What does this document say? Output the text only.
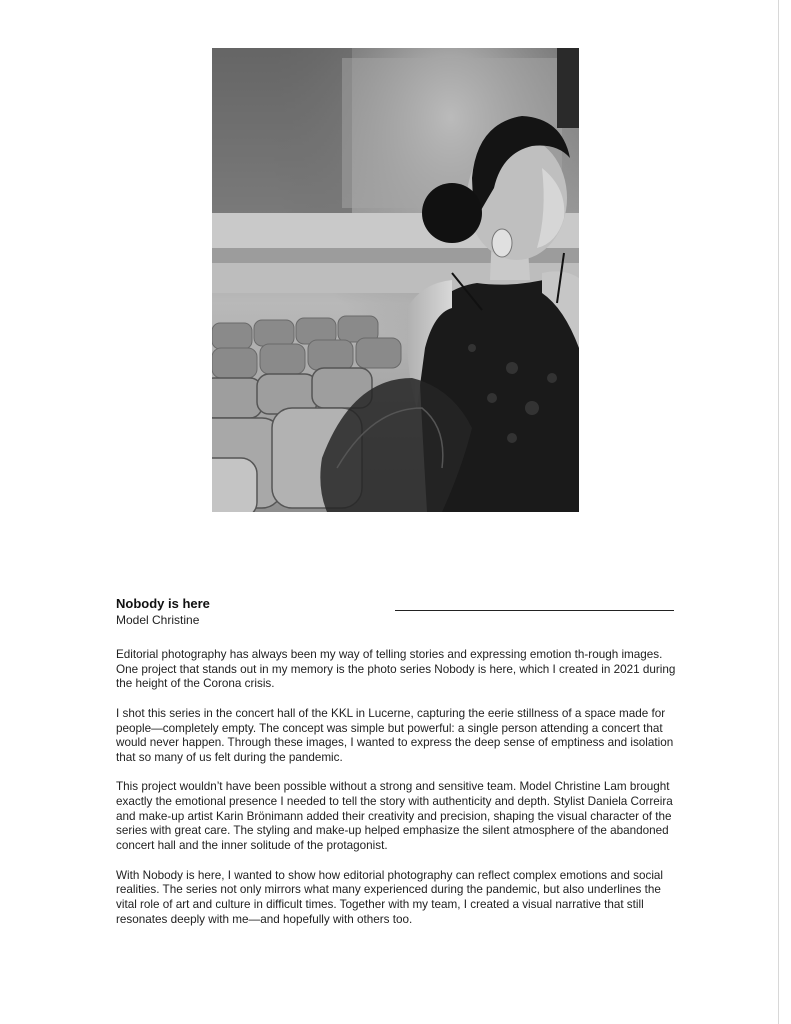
Nobody is here
Model Christine

Editorial photography has always been my way of telling stories and expressing emotion th-rough images. One project that stands out in my memory is the photo series Nobody is here, which I created in 2021 during the height of the Corona crisis.

I shot this series in the concert hall of the KKL in Lucerne, capturing the eerie stillness of a space made for people—completely empty. The concept was simple but powerful: a single person attending a concert that would never happen. Through these images, I wanted to express the deep sense of emptiness and isolation that so many of us felt during the pandemic.

This project wouldn’t have been possible without a strong and sensitive team. Model Christine Lam brought exactly the emotional presence I needed to tell the story with authenticity and depth. Stylist Daniela Correira and make-up artist Karin Brönimann added their creativity and precision, shaping the visual character of the series with great care. The styling and make-up helped emphasize the silent atmosphere of the abandoned concert hall and the inner solitude of the protagonist.

With Nobody is here, I wanted to show how editorial photography can reflect complex emotions and social realities. The series not only mirrors what many experienced during the pandemic, but also underlines the vital role of art and culture in difficult times. Together with my team, I created a visual narrative that still resonates deeply with me—and hopefully with others too.
